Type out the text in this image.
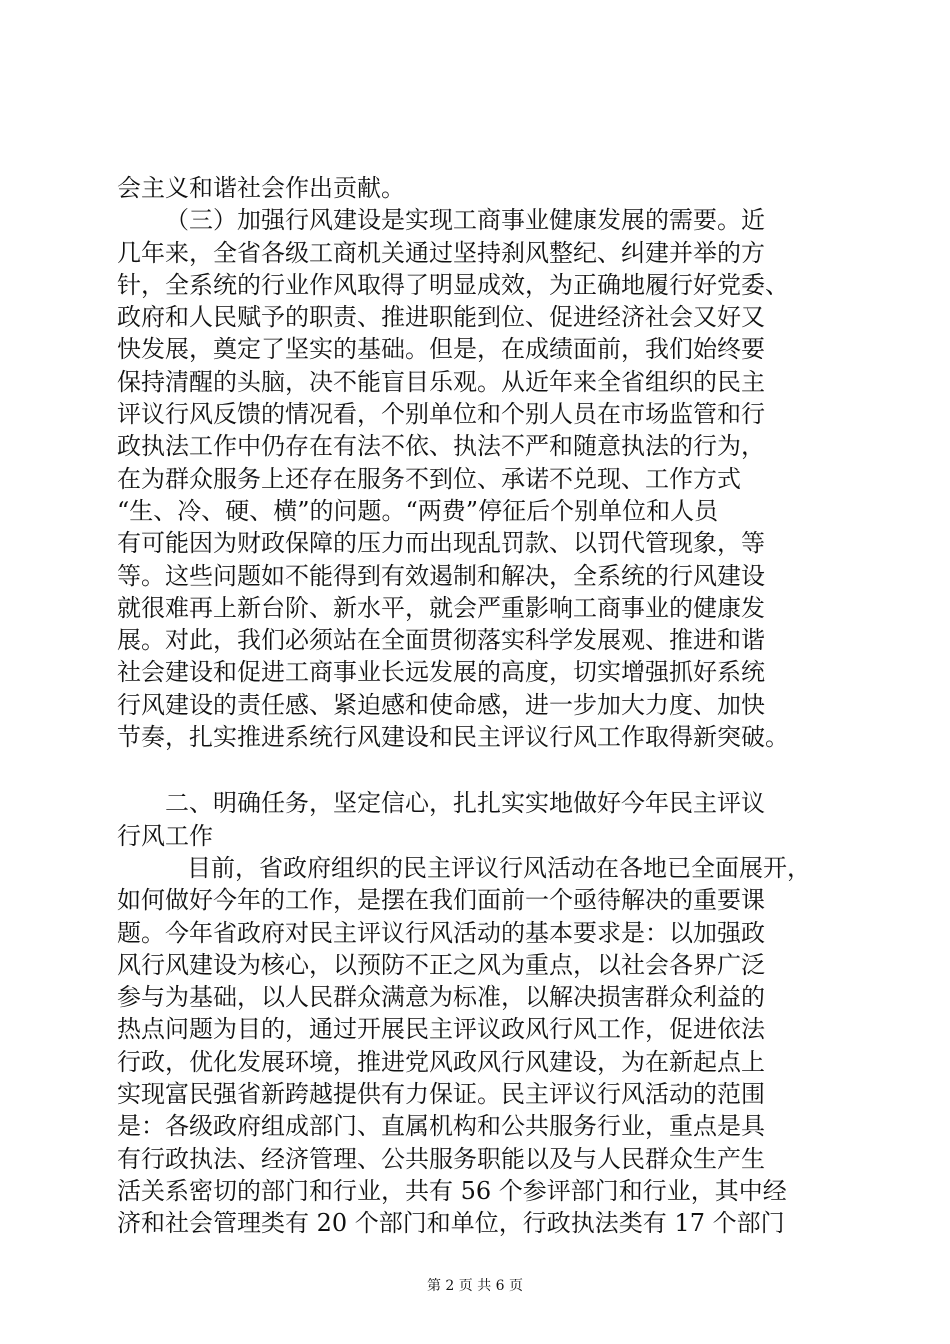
会主义和谐社会作出贡献。
（三）加强行风建设是实现工商事业健康发展的需要。近
几年来，全省各级工商机关通过坚持刹风整纪、纠建并举的方
针，全系统的行业作风取得了明显成效，为正确地履行好党委、
政府和人民赋予的职责、推进职能到位、促进经济社会又好又
快发展，奠定了坚实的基础。但是，在成绩面前，我们始终要
保持清醒的头脑，决不能盲目乐观。从近年来全省组织的民主
评议行风反馈的情况看，个别单位和个别人员在市场监管和行
政执法工作中仍存在有法不依、执法不严和随意执法的行为，
在为群众服务上还存在服务不到位、承诺不兑现、工作方式
“生、冷、硬、横”的问题。“两费”停征后个别单位和人员
有可能因为财政保障的压力而出现乱罚款、以罚代管现象，等
等。这些问题如不能得到有效遏制和解决，全系统的行风建设
就很难再上新台阶、新水平，就会严重影响工商事业的健康发
展。对此，我们必须站在全面贯彻落实科学发展观、推进和谐
社会建设和促进工商事业长远发展的高度，切实增强抓好系统
行风建设的责任感、紧迫感和使命感，进一步加大力度、加快
节奏，扎实推进系统行风建设和民主评议行风工作取得新突破。
二、明确任务，坚定信心，扎扎实实地做好今年民主评议
行风工作
目前，省政府组织的民主评议行风活动在各地已全面展开，
如何做好今年的工作，是摆在我们面前一个亟待解决的重要课
题。今年省政府对民主评议行风活动的基本要求是：以加强政
风行风建设为核心，以预防不正之风为重点，以社会各界广泛
参与为基础，以人民群众满意为标准，以解决损害群众利益的
热点问题为目的，通过开展民主评议政风行风工作，促进依法
行政，优化发展环境，推进党风政风行风建设，为在新起点上
实现富民强省新跨越提供有力保证。民主评议行风活动的范围
是：各级政府组成部门、直属机构和公共服务行业，重点是具
有行政执法、经济管理、公共服务职能以及与人民群众生产生
活关系密切的部门和行业，共有 56 个参评部门和行业，其中经
济和社会管理类有 20 个部门和单位，行政执法类有 17 个部门
第 2 页 共 6 页
